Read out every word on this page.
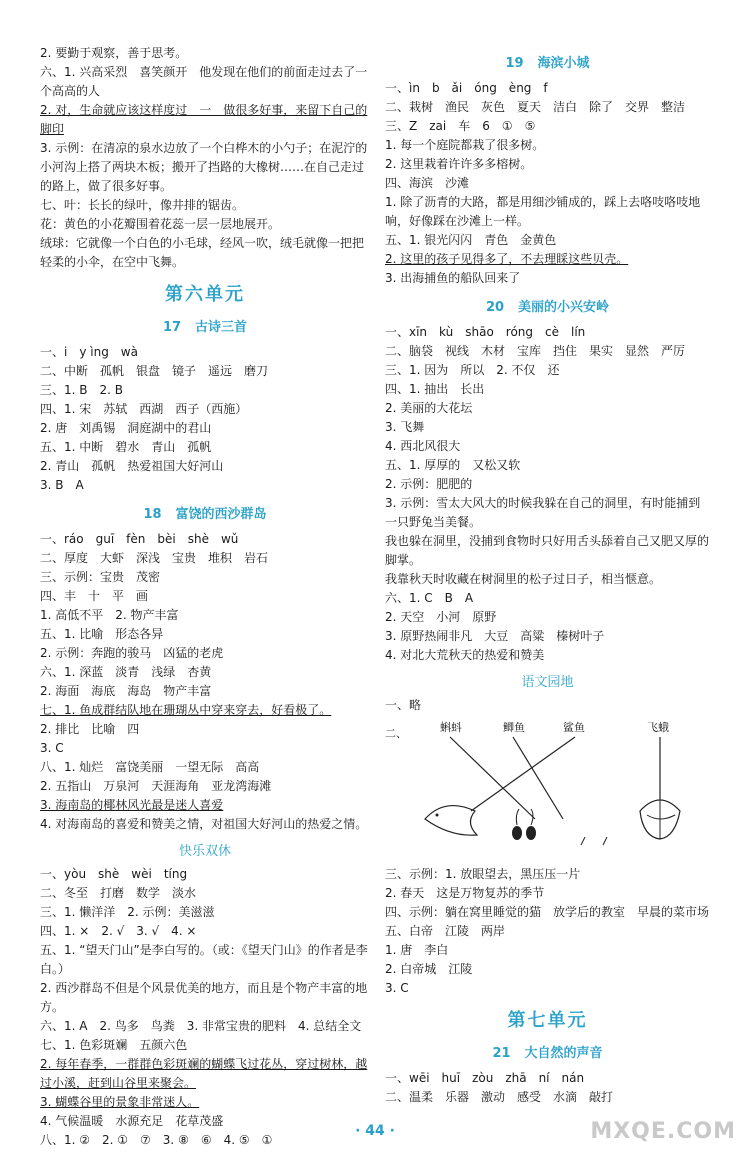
2. 要勤于观察，善于思考。
六、1. 兴高采烈　喜笑颜开　他发现在他们的前面走过去了一个高高的人
2. 对，生命就应该这样度过　一　做很多好事，来留下自己的脚印
3. 示例：在清凉的泉水边放了一个白桦木的小勺子；在泥泞的小河沟上搭了两块木板；搬开了挡路的大橡树……在自己走过的路上，做了很多好事。
七、叶：长长的绿叶，像井排的锯齿。
花：黄色的小花瓣围着花蕊一层一层地展开。
绒球：它就像一个白色的小毛球，经风一吹，绒毛就像一把把轻柔的小伞，在空中飞舞。
第六单元
17 古诗三首
一、i　y ìng　wà
二、中断　孤帆　银盘　镜子　遥远　磨刀
三、1. B　2. B
四、1. 宋　苏轼　西湖　西子（西施）
2. 唐　刘禹锡　洞庭湖中的君山
五、1. 中断　碧水　青山　孤帆
2. 青山　孤帆　热爱祖国大好河山
3. B　A
18 富饶的西沙群岛
一、ráo　guī　fèn　bèi　shè　wǔ
二、厚度　大虾　深浅　宝贵　堆积　岩石
三、示例：宝贵　茂密
四、丰　十　平　画
1. 高低不平　2. 物产丰富
五、1. 比喻　形态各异
2. 示例：奔跑的骏马　凶猛的老虎
六、1. 深蓝　淡青　浅绿　杏黄
2. 海面　海底　海岛　物产丰富
七、1. 鱼成群结队地在珊瑚丛中穿来穿去，好看极了。
2. 排比　比喻　四
3. C
八、1. 灿烂　富饶美丽　一望无际　高高
2. 五指山　万泉河　天涯海角　亚龙湾海滩
3. 海南岛的椰林风光最是迷人喜爱
4. 对海南岛的喜爱和赞美之情，对祖国大好河山的热爱之情。
快乐双休
一、yòu　shè　wèi　tíng
二、冬至　打磨　数学　淡水
三、1. 懒洋洋　2. 示例：美滋滋
四、1. ×　2. √　3. √　4. ×
五、1. “望天门山”是李白写的。（或：《望天门山》的作者是李白。）
2. 西沙群岛不但是个风景优美的地方，而且是个物产丰富的地方。
六、1. A　2. 鸟多　鸟粪　3. 非常宝贵的肥料　4. 总结全文
七、1. 色彩斑斓　五颜六色
2. 每年春季，一群群色彩斑斓的蝴蝶飞过花丛，穿过树林，越过小溪，赶到山谷里来聚会。
3. 蝴蝶谷里的景象非常迷人。
4. 气候温暖　水源充足　花草茂盛
八、1. ②　2. ①　⑦　3. ⑧　⑥　4. ⑤　①
19 海滨小城
一、ìn　b　ǎi　óng　èng　f
二、栽树　渔民　灰色　夏天　洁白　除了　交界　整洁
三、Z　zai　车　6　①　⑤
1. 每一个庭院都栽了很多树。
2. 这里栽着许许多多榕树。
四、海滨　沙滩
1. 除了沥青的大路，都是用细沙铺成的，踩上去咯吱咯吱地响，好像踩在沙滩上一样。
五、1. 银光闪闪　青色　金黄色
2. 这里的孩子见得多了，不去理睬这些贝壳。
3. 出海捕鱼的船队回来了
20 美丽的小兴安岭
一、xīn　kù　shāo　róng　cè　lín
二、脑袋　视线　木材　宝库　挡住　果实　显然　严厉
三、1. 因为　所以　2. 不仅　还
四、1. 抽出　长出
2. 美丽的大花坛
3. 飞舞
4. 西北风很大
五、1. 厚厚的　又松又软
2. 示例：肥肥的
3. 示例：雪太大风大的时候我躲在自己的洞里，有时能捕到一只野兔当美餐。
我也躲在洞里，没捕到食物时只好用舌头舔着自己又肥又厚的脚掌。
我靠秋天时收藏在树洞里的松子过日子，相当惬意。
六、1. C　B　A
2. 天空　小河　原野
3. 原野热闹非凡　大豆　高粱　榛树叶子
4. 对北大荒秋天的热爱和赞美
语文园地
一、略
二、	蝌蚪	鲫鱼	鲨鱼	飞蛾
三、示例：1. 放眼望去，黑压压一片
2. 春天　这是万物复苏的季节
四、示例：躺在窝里睡觉的猫　放学后的教室　早晨的菜市场
五、白帝　江陵　两岸
1. 唐　李白
2. 白帝城　江陵
3. C
第七单元
21 大自然的声音
一、wēi　huī　zòu　zhā　ní　nán
二、温柔　乐器　激动　感受　水滴　敲打
· 44 ·	MXQE.COM
